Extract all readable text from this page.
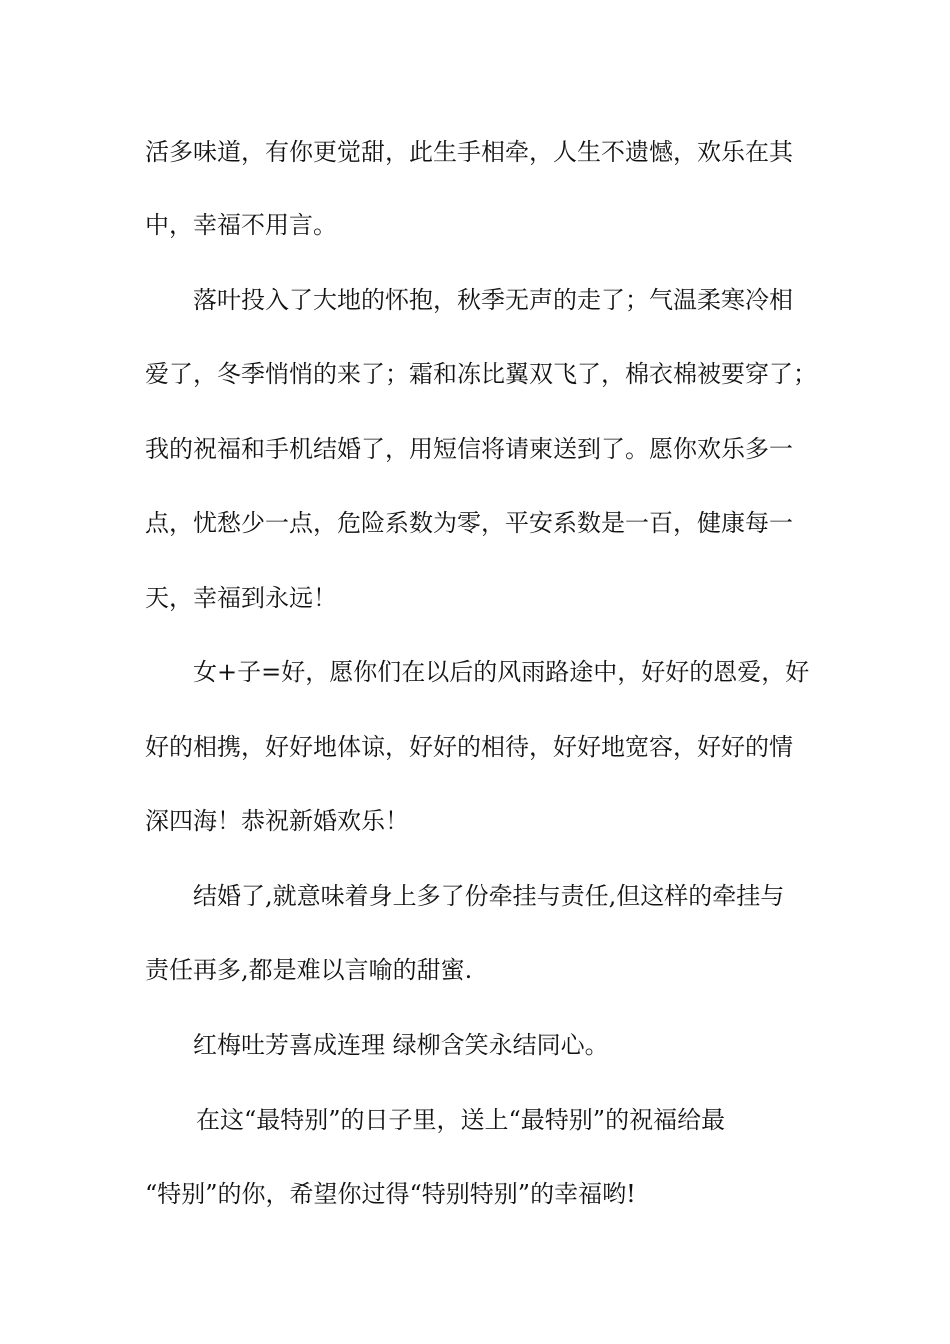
活多味道，有你更觉甜，此生手相牵，人生不遗憾，欢乐在其
中，幸福不用言。
落叶投入了大地的怀抱，秋季无声的走了；气温柔寒冷相
爱了，冬季悄悄的来了；霜和冻比翼双飞了，棉衣棉被要穿了；
我的祝福和手机结婚了，用短信将请柬送到了。愿你欢乐多一
点，忧愁少一点，危险系数为零，平安系数是一百，健康每一
天，幸福到永远！
女+子=好，愿你们在以后的风雨路途中，好好的恩爱，好
好的相携，好好地体谅，好好的相待，好好地宽容，好好的情
深四海！恭祝新婚欢乐！
结婚了,就意味着身上多了份牵挂与责任,但这样的牵挂与
责任再多,都是难以言喻的甜蜜.
红梅吐芳喜成连理 绿柳含笑永结同心。
在这“最特别”的日子里，送上“最特别”的祝福给最
“特别”的你，希望你过得“特别特别”的幸福哟!
